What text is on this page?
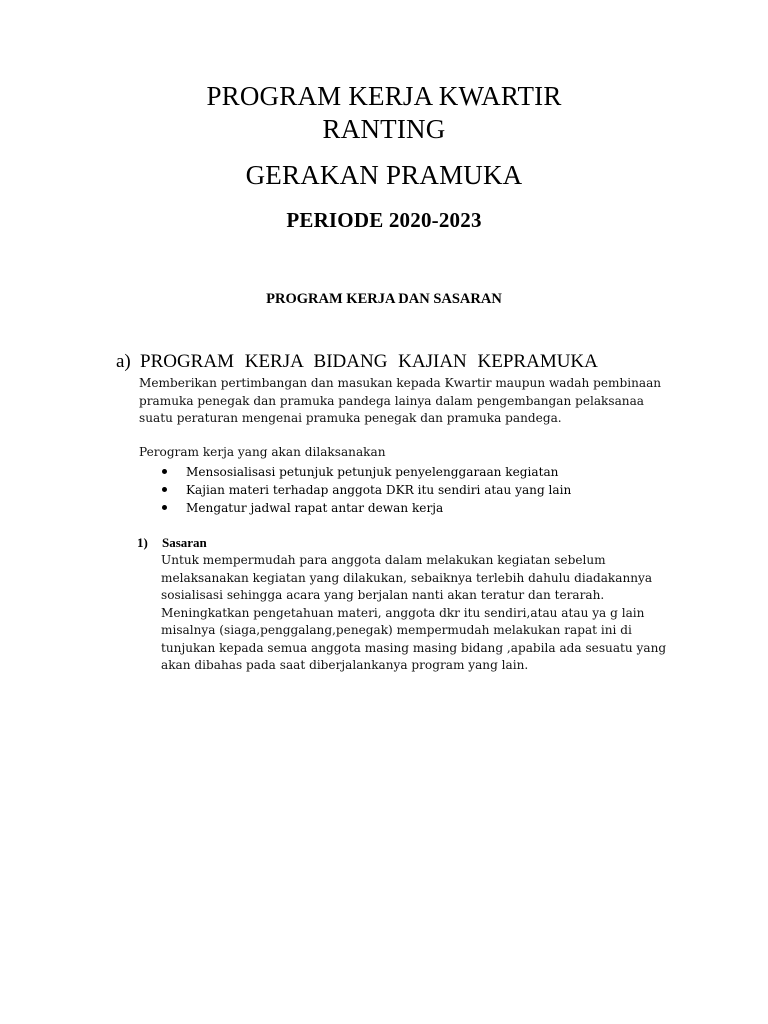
PROGRAM KERJA KWARTIR
RANTING
GERAKAN PRAMUKA
PERIODE 2020-2023
PROGRAM KERJA DAN SASARAN
a) PROGRAM KERJA BIDANG KAJIAN KEPRAMUKA
Memberikan pertimbangan dan masukan kepada Kwartir maupun wadah pembinaan
pramuka penegak dan pramuka pandega lainya dalam pengembangan pelaksanaa
suatu peraturan mengenai pramuka penegak dan pramuka pandega.
Perogram kerja yang akan dilaksanakan
Mensosialisasi petunjuk petunjuk penyelenggaraan kegiatan
Kajian materi terhadap anggota DKR itu sendiri atau yang lain
Mengatur jadwal rapat antar dewan kerja
1) Sasaran
Untuk mempermudah para anggota dalam melakukan kegiatan sebelum
melaksanakan kegiatan yang dilakukan, sebaiknya terlebih dahulu diadakannya
sosialisasi sehingga acara yang berjalan nanti akan teratur dan terarah.
Meningkatkan pengetahuan materi, anggota dkr itu sendiri,atau atau ya g lain
misalnya (siaga,penggalang,penegak) mempermudah melakukan rapat ini di
tunjukan kepada semua anggota masing masing bidang ,apabila ada sesuatu yang
akan dibahas pada saat diberjalankanya program yang lain.
